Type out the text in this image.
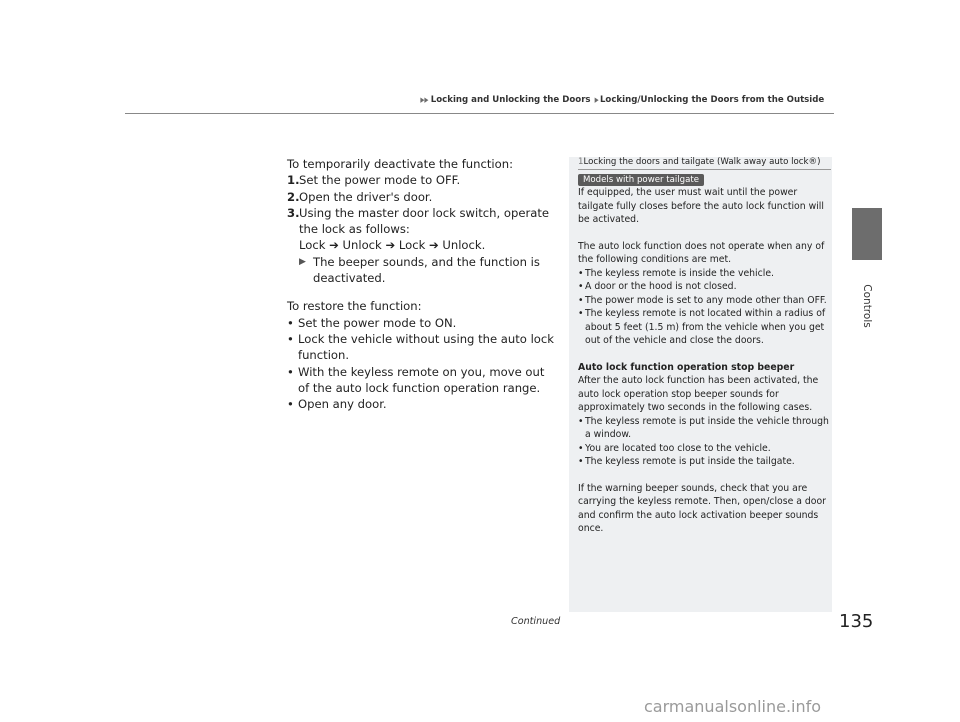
▶▶ Locking and Unlocking the Doors ▶ Locking/Unlocking the Doors from the Outside
Controls

To temporarily deactivate the function:

1. Set the power mode to OFF.
2. Open the driver's door.
3. Using the master door lock switch, operate the lock as follows:
Lock ➔ Unlock ➔ Lock ➔ Unlock.
▶ The beeper sounds, and the function is deactivated.

To restore the function:

• Set the power mode to ON.
• Lock the vehicle without using the auto lock function.
• With the keyless remote on you, move out of the auto lock function operation range.
• Open any door.
1Locking the doors and tailgate (Walk away auto lock®)
Models with power tailgate

If equipped, the user must wait until the power tailgate fully closes before the auto lock function will be activated.

The auto lock function does not operate when any of the following conditions are met.

• The keyless remote is inside the vehicle.
• A door or the hood is not closed.
• The power mode is set to any mode other than OFF.
• The keyless remote is not located within a radius of about 5 feet (1.5 m) from the vehicle when you get out of the vehicle and close the doors.

Auto lock function operation stop beeper

After the auto lock function has been activated, the auto lock operation stop beeper sounds for approximately two seconds in the following cases.

• The keyless remote is put inside the vehicle through a window.
• You are located too close to the vehicle.
• The keyless remote is put inside the tailgate.

If the warning beeper sounds, check that you are carrying the keyless remote. Then, open/close a door and confirm the auto lock activation beeper sounds once.

Continued	135
carmanualsonline.info
